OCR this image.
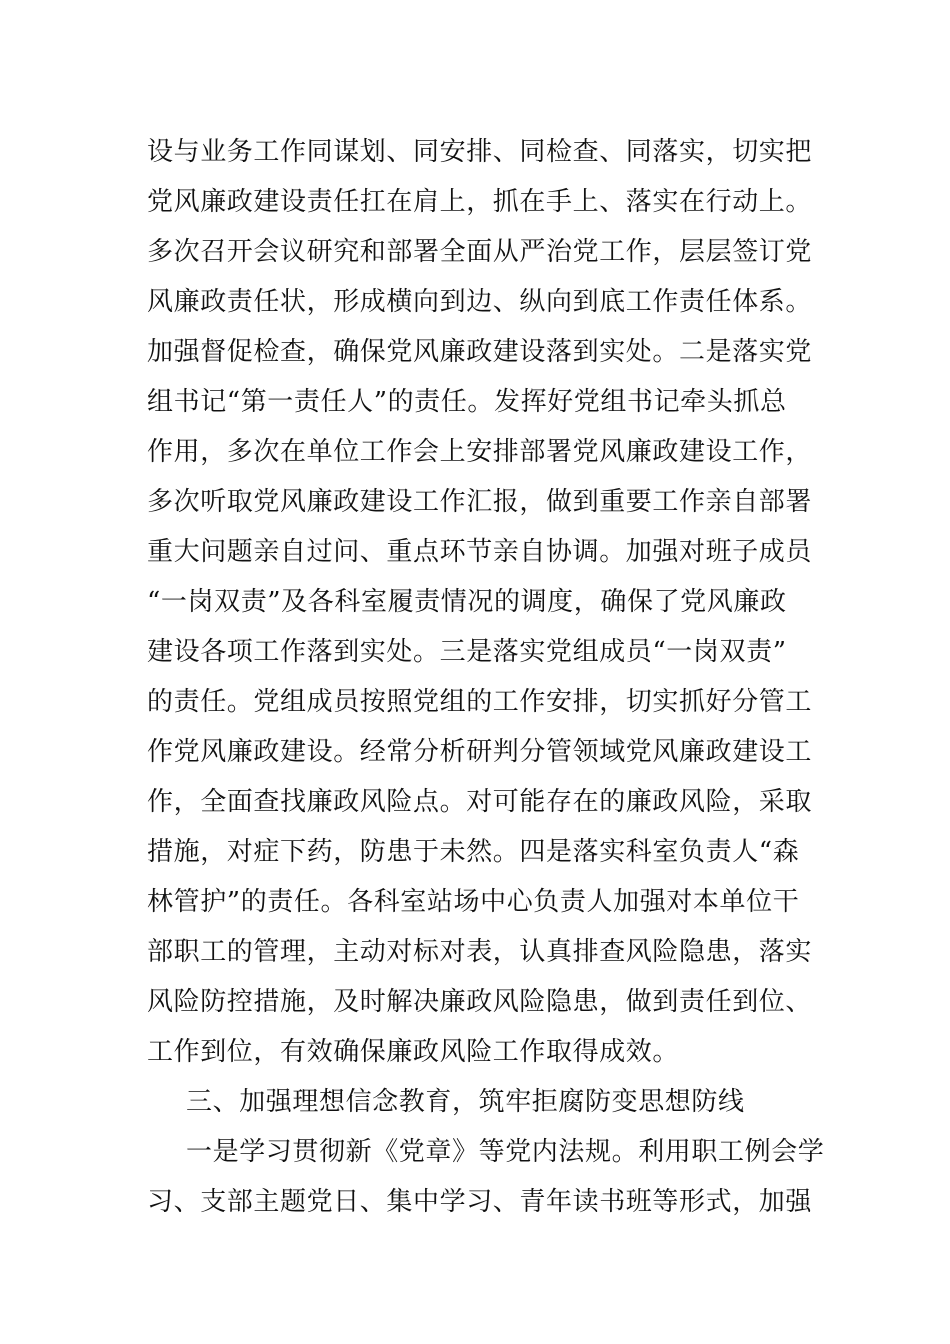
设与业务工作同谋划、同安排、同检查、同落实，切实把
党风廉政建设责任扛在肩上，抓在手上、落实在行动上。
多次召开会议研究和部署全面从严治党工作，层层签订党
风廉政责任状，形成横向到边、纵向到底工作责任体系。
加强督促检查，确保党风廉政建设落到实处。二是落实党
组书记“第一责任人”的责任。发挥好党组书记牵头抓总
作用，多次在单位工作会上安排部署党风廉政建设工作，
多次听取党风廉政建设工作汇报，做到重要工作亲自部署
重大问题亲自过问、重点环节亲自协调。加强对班子成员
“一岗双责”及各科室履责情况的调度，确保了党风廉政
建设各项工作落到实处。三是落实党组成员“一岗双责”
的责任。党组成员按照党组的工作安排，切实抓好分管工
作党风廉政建设。经常分析研判分管领域党风廉政建设工
作，全面查找廉政风险点。对可能存在的廉政风险，采取
措施，对症下药，防患于未然。四是落实科室负责人“森
林管护”的责任。各科室站场中心负责人加强对本单位干
部职工的管理，主动对标对表，认真排查风险隐患，落实
风险防控措施，及时解决廉政风险隐患，做到责任到位、
工作到位，有效确保廉政风险工作取得成效。
三、加强理想信念教育，筑牢拒腐防变思想防线
一是学习贯彻新《党章》等党内法规。利用职工例会学
习、支部主题党日、集中学习、青年读书班等形式，加强
